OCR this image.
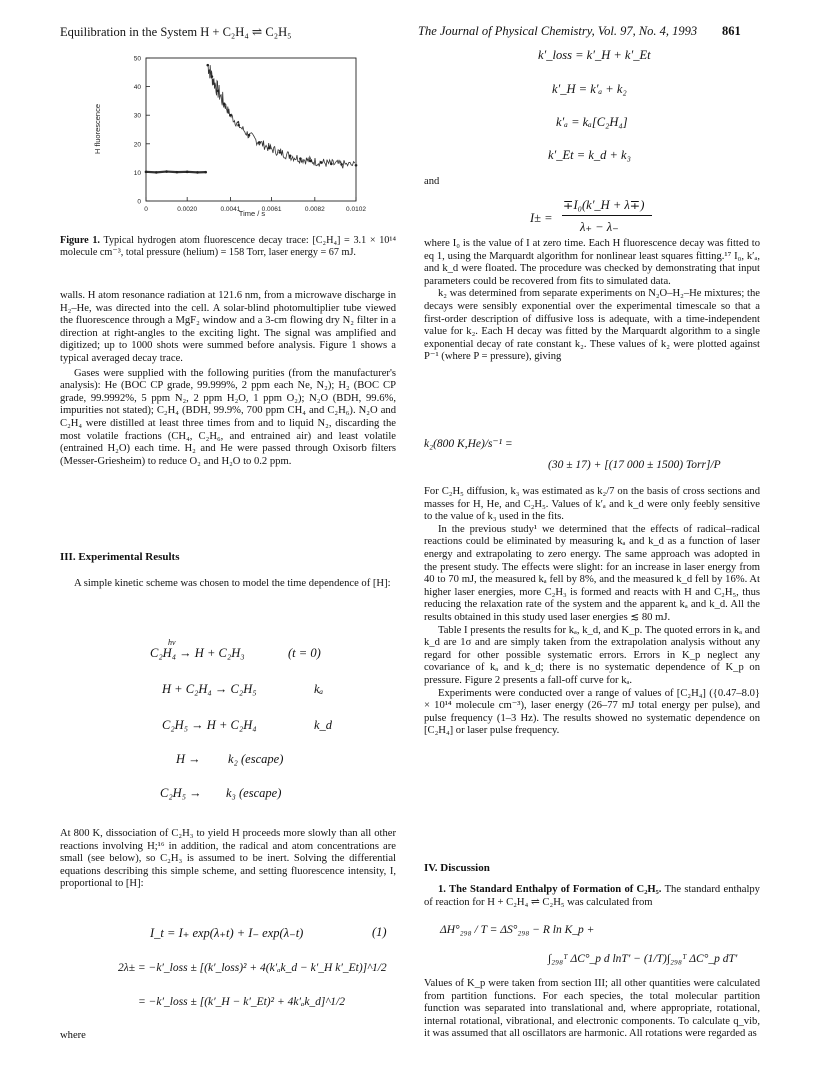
Equilibration in the System H + C₂H₄ ⇌ C₂H₅	The Journal of Physical Chemistry, Vol. 97, No. 4, 1993 861
0
10
20
30
40
50
0	0.0020	0.0041	0.0061	0.0082	0.0102
H fluorescence
Time / s
Figure 1. Typical hydrogen atom fluorescence decay trace: [C₂H₄] = 3.1 × 10¹⁴ molecule cm⁻³, total pressure (helium) = 158 Torr, laser energy = 67 mJ.

walls. H atom resonance radiation at 121.6 nm, from a microwave discharge in H₂–He, was directed into the cell. A solar-blind photomultiplier tube viewed the fluorescence through a MgF₂ window and a 3-cm flowing dry N₂ filter in a direction at right-angles to the exciting light. The signal was amplified and digitized; up to 1000 shots were summed before analysis. Figure 1 shows a typical averaged decay trace.

Gases were supplied with the following purities (from the manufacturer's analysis): He (BOC CP grade, 99.999%, 2 ppm each Ne, N₂); H₂ (BOC CP grade, 99.9992%, 5 ppm N₂, 2 ppm H₂O, 1 ppm O₂); N₂O (BDH, 99.6%, impurities not stated); C₂H₄ (BDH, 99.9%, 700 ppm CH₄ and C₂H₆). N₂O and C₂H₄ were distilled at least three times from and to liquid N₂, discarding the most volatile fractions (CH₄, C₂H₆, and entrained air) and least volatile (entrained H₂O) each time. H₂ and He were passed through Oxisorb filters (Messer-Griesheim) to reduce O₂ and H₂O to 0.2 ppm.

III. Experimental Results

A simple kinetic scheme was chosen to model the time dependence of [H]:

hν
C₂H₄ → H + C₂H₃	(t = 0)
H + C₂H₄ → C₂H₅	kₐ
C₂H₅ → H + C₂H₄	k_d
H → k₂ (escape)
C₂H₅ → k₃ (escape)

At 800 K, dissociation of C₂H₃ to yield H proceeds more slowly than all other reactions involving H;¹⁶ in addition, the radical and atom concentrations are small (see below), so C₂H₃ is assumed to be inert. Solving the differential equations describing this simple scheme, and setting fluorescence intensity, I, proportional to [H]:

I_t = I₊ exp(λ₊t) + I₋ exp(λ₋t)	(1)
2λ± = −k′_loss ± [(k′_loss)² + 4(k′ₐk_d − k′_H k′_Et)]^1/2
= −k′_loss ± [(k′_H − k′_Et)² + 4k′ₐk_d]^1/2
where
k′_loss = k′_H + k′_Et
k′_H = k′ₐ + k₂
k′ₐ = kₐ[C₂H₄]
k′_Et = k_d + k₃
and
I± =
∓I₀(k′_H + λ∓)
λ₊ − λ₋

where I₀ is the value of I at zero time. Each H fluorescence decay was fitted to eq 1, using the Marquardt algorithm for nonlinear least squares fitting.¹⁷ I₀, k′ₐ, and k_d were floated. The procedure was checked by demonstrating that input parameters could be recovered from fits to simulated data.

k₂ was determined from separate experiments on N₂O–H₂–He mixtures; the decays were sensibly exponential over the experimental timescale so that a first-order description of diffusive loss is adequate, with a time-independent value for k₂. Each H decay was fitted by the Marquardt algorithm to a single exponential decay of rate constant k₂. These values of k₂ were plotted against P⁻¹ (where P = pressure), giving

k₂(800 K,He)/s⁻¹ =
(30 ± 17) + [(17 000 ± 1500) Torr]/P

For C₂H₅ diffusion, k₃ was estimated as k₂/7 on the basis of cross sections and masses for H, He, and C₂H₅. Values of k′ₐ and k_d were only feebly sensitive to the value of k₃ used in the fits.

In the previous study¹ we determined that the effects of radical–radical reactions could be eliminated by measuring kₐ and k_d as a function of laser energy and extrapolating to zero energy. The same approach was adopted in the present study. The effects were slight: for an increase in laser energy from 40 to 70 mJ, the measured kₐ fell by 8%, and the measured k_d fell by 16%. At higher laser energies, more C₂H₃ is formed and reacts with H and C₂H₅, thus reducing the relaxation rate of the system and the apparent kₐ and k_d. All the results obtained in this study used laser energies ≲ 80 mJ.

Table I presents the results for kₐ, k_d, and K_p. The quoted errors in kₐ and k_d are 1σ and are simply taken from the extrapolation analysis without any regard for other possible systematic errors. Errors in K_p neglect any covariance of kₐ and k_d; there is no systematic dependence of K_p on pressure. Figure 2 presents a fall-off curve for kₐ.

Experiments were conducted over a range of values of [C₂H₄] ({0.47–8.0} × 10¹⁴ molecule cm⁻³), laser energy (26–77 mJ total energy per pulse), and pulse frequency (1–3 Hz). The results showed no systematic dependence on [C₂H₄] or laser pulse frequency.

IV. Discussion

1. The Standard Enthalpy of Formation of C₂H₅. The standard enthalpy of reaction for H + C₂H₄ ⇌ C₂H₅ was calculated from

ΔH°₂₉₈ / T = ΔS°₂₉₈ − R ln K_p +
∫₂₉₈ᵀ ΔC°_p d lnT′ − (1/T)∫₂₉₈ᵀ ΔC°_p dT′

Values of K_p were taken from section III; all other quantities were calculated from partition functions. For each species, the total molecular partition function was separated into translational and, where appropriate, rotational, internal rotational, vibrational, and electronic components. To calculate q_vib, it was assumed that all oscillators are harmonic. All rotations were regarded as
